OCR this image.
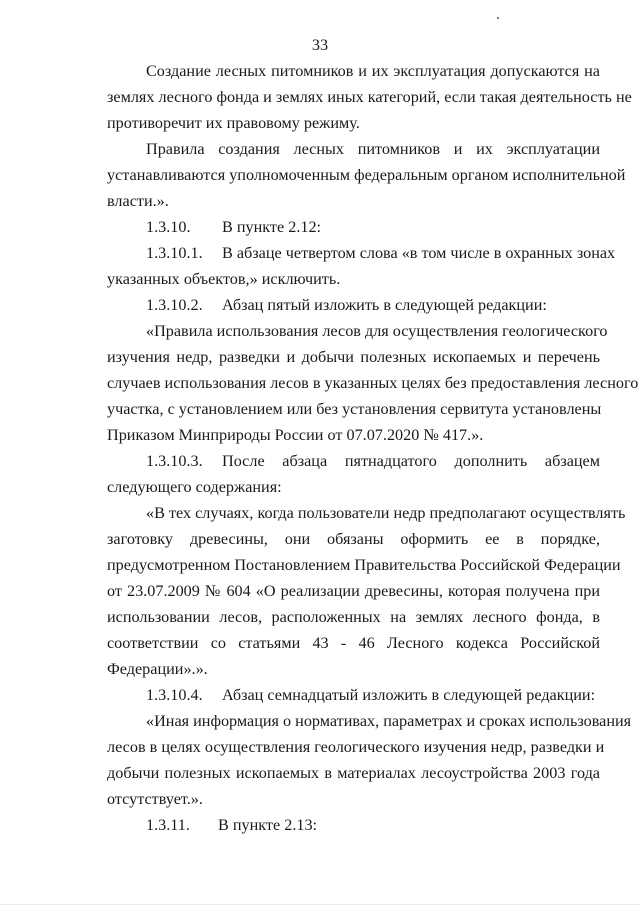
33
Создание лесных питомников и их эксплуатация допускаются на
землях лесного фонда и землях иных категорий, если такая деятельность не
противоречит их правовому режиму.
Правила создания лесных питомников и их эксплуатации
устанавливаются уполномоченным федеральным органом исполнительной
власти.».
1.3.10. В пункте 2.12:
1.3.10.1. В абзаце четвертом слова «в том числе в охранных зонах
указанных объектов,» исключить.
1.3.10.2. Абзац пятый изложить в следующей редакции:
«Правила использования лесов для осуществления геологического
изучения недр, разведки и добычи полезных ископаемых и перечень
случаев использования лесов в указанных целях без предоставления лесного
участка, с установлением или без установления сервитута установлены
Приказом Минприроды России от 07.07.2020 № 417.».
1.3.10.3. После абзаца пятнадцатого дополнить абзацем
следующего содержания:
«В тех случаях, когда пользователи недр предполагают осуществлять
заготовку древесины, они обязаны оформить ее в порядке,
предусмотренном Постановлением Правительства Российской Федерации
от 23.07.2009 № 604 «О реализации древесины, которая получена при
использовании лесов, расположенных на землях лесного фонда, в
соответствии со статьями 43 - 46 Лесного кодекса Российской
Федерации».».
1.3.10.4. Абзац семнадцатый изложить в следующей редакции:
«Иная информация о нормативах, параметрах и сроках использования
лесов в целях осуществления геологического изучения недр, разведки и
добычи полезных ископаемых в материалах лесоустройства 2003 года
отсутствует.».
1.3.11. В пункте 2.13:
